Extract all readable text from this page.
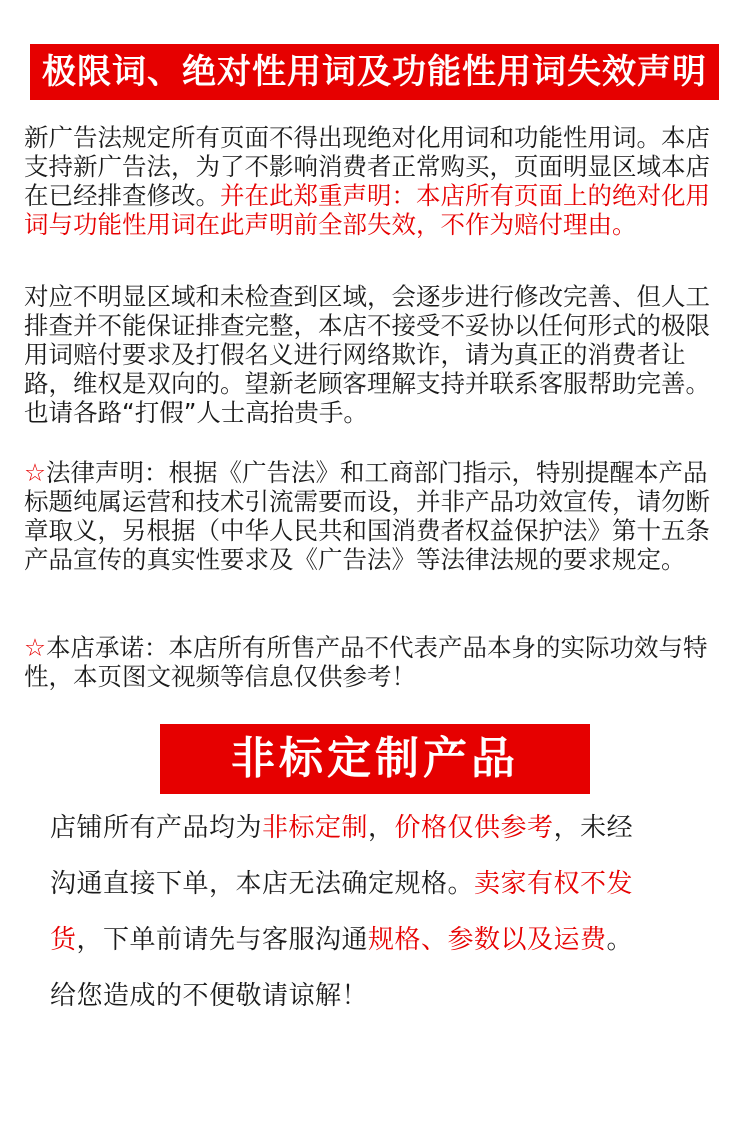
极限词、绝对性用词及功能性用词失效声明
新广告法规定所有页面不得出现绝对化用词和功能性用词。本店支持新广告法，为了不影响消费者正常购买，页面明显区域本店在已经排查修改。并在此郑重声明：本店所有页面上的绝对化用词与功能性用词在此声明前全部失效，不作为赔付理由。
对应不明显区域和未检查到区域，会逐步进行修改完善、但人工排查并不能保证排查完整，本店不接受不妥协以任何形式的极限用词赔付要求及打假名义进行网络欺诈，请为真正的消费者让路，维权是双向的。望新老顾客理解支持并联系客服帮助完善。也请各路“打假”人士高抬贵手。
☆法律声明：根据《广告法》和工商部门指示，特别提醒本产品标题纯属运营和技术引流需要而设，并非产品功效宣传，请勿断章取义，另根据（中华人民共和国消费者权益保护法》第十五条产品宣传的真实性要求及《广告法》等法律法规的要求规定。
☆本店承诺：本店所有所售产品不代表产品本身的实际功效与特性，本页图文视频等信息仅供参考！
非标定制产品
店铺所有产品均为非标定制，价格仅供参考，未经
沟通直接下单，本店无法确定规格。卖家有权不发
货，下单前请先与客服沟通规格、参数以及运费。
给您造成的不便敬请谅解！
